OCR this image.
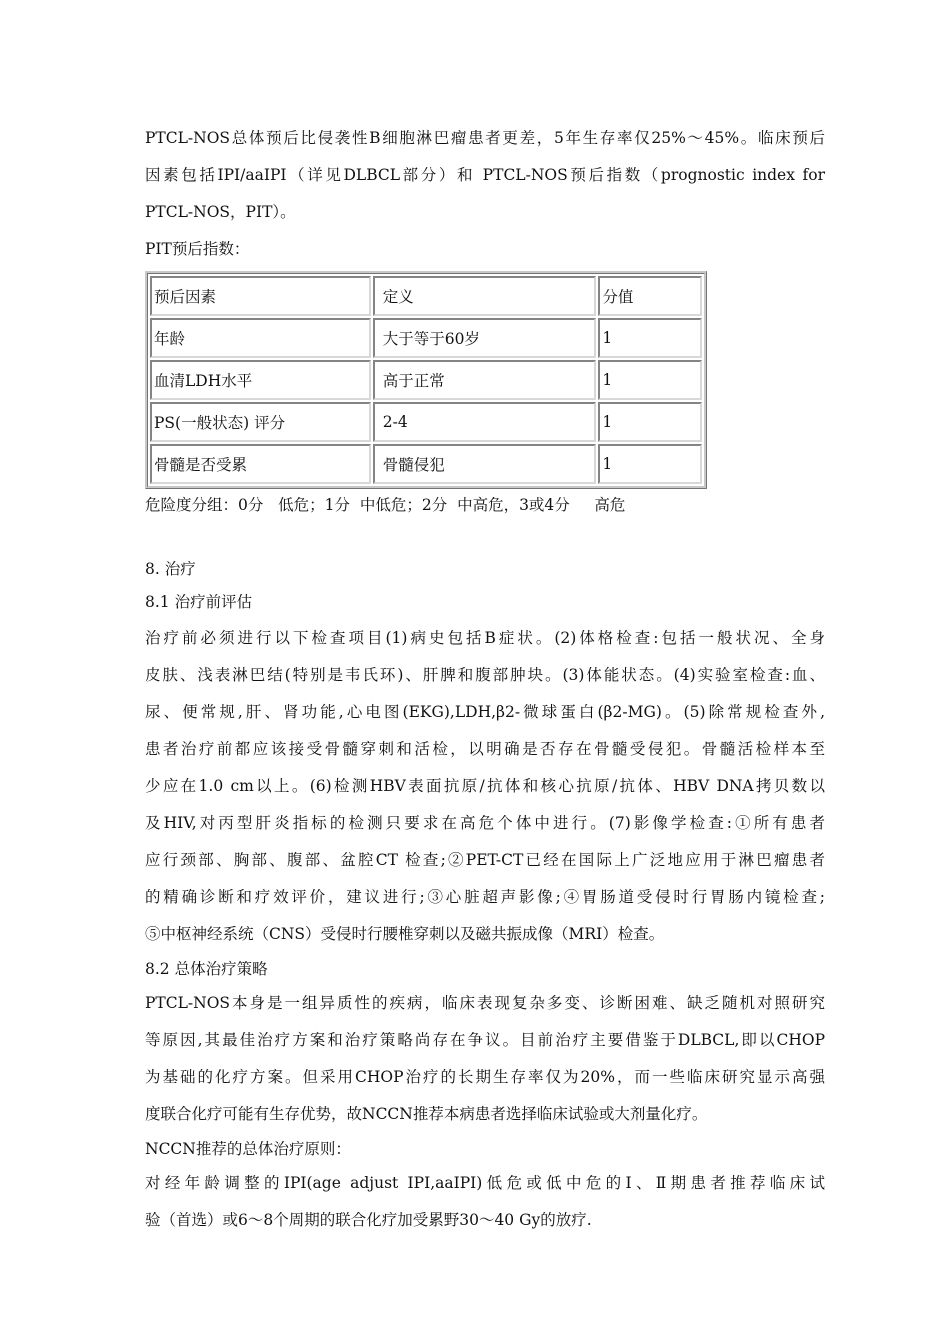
PTCL-NOS总体预后比侵袭性B细胞淋巴瘤患者更差，5年生存率仅25%～45%。临床预后
因素包括IPI/aaIPI（详见DLBCL部分）和 PTCL-NOS预后指数（prognostic index for
PTCL-NOS，PIT）。

PIT预后指数：
预后因素	定义	分值
年龄	大于等于60岁	1
血清LDH水平	高于正常	1
PS(一般状态) 评分	2-4	1
骨髓是否受累	骨髓侵犯	1
危险度分组：0分   低危；1分  中低危；2分  中高危，3或4分     高危
8. 治疗
8.1 治疗前评估

治疗前必须进行以下检查项目(1)病史包括B症状。(2)体格检查:包括一般状况、全身
皮肤、浅表淋巴结(特别是韦氏环)、肝脾和腹部肿块。(3)体能状态。(4)实验室检查:血、
尿、便常规,肝、肾功能,心电图(EKG),LDH,β2-微球蛋白(β2-MG)。(5)除常规检查外,
患者治疗前都应该接受骨髓穿刺和活检，以明确是否存在骨髓受侵犯。骨髓活检样本至
少应在1.0 cm以上。(6)检测HBV表面抗原/抗体和核心抗原/抗体、HBV DNA拷贝数以
及HIV,对丙型肝炎指标的检测只要求在高危个体中进行。(7)影像学检查:①所有患者
应行颈部、胸部、腹部、盆腔CT 检查;②PET-CT已经在国际上广泛地应用于淋巴瘤患者
的精确诊断和疗效评价，建议进行;③心脏超声影像;④胃肠道受侵时行胃肠内镜检查;
⑤中枢神经系统（CNS）受侵时行腰椎穿刺以及磁共振成像（MRI）检查。

8.2 总体治疗策略

PTCL-NOS本身是一组异质性的疾病，临床表现复杂多变、诊断困难、缺乏随机对照研究
等原因,其最佳治疗方案和治疗策略尚存在争议。目前治疗主要借鉴于DLBCL,即以CHOP
为基础的化疗方案。但采用CHOP治疗的长期生存率仅为20%，而一些临床研究显示高强
度联合化疗可能有生存优势，故NCCN推荐本病患者选择临床试验或大剂量化疗。

NCCN推荐的总体治疗原则：

对经年龄调整的IPI(age adjust IPI,aaIPI)低危或低中危的Ⅰ、Ⅱ期患者推荐临床试
验（首选）或6～8个周期的联合化疗加受累野30～40 Gy的放疗.
